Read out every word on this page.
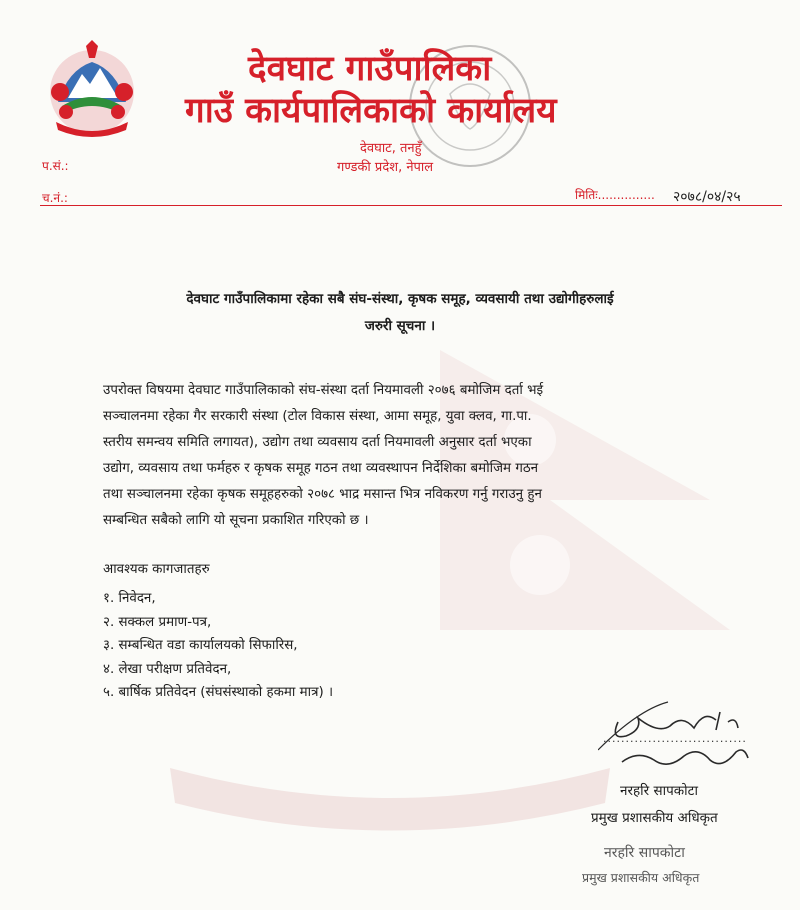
देवघाट गाउँपालिका
गाउँ कार्यपालिकाको कार्यालय
देवघाट, तनहुँ
गण्डकी प्रदेश, नेपाल
प.सं.:
च.नं.:	मितिः............... २०७८/०४/२५
देवघाट गाउँपालिकामा रहेका सबै संघ-संस्था, कृषक समूह, व्यवसायी तथा उद्योगीहरुलाई
जरुरी सूचना ।

उपरोक्त विषयमा देवघाट गाउँपालिकाको संघ-संस्था दर्ता नियमावली २०७६ बमोजिम दर्ता भई
सञ्चालनमा रहेका गैर सरकारी संस्था (टोल विकास संस्था, आमा समूह, युवा क्लव, गा.पा.
स्तरीय समन्वय समिति लगायत), उद्योग तथा व्यवसाय दर्ता नियमावली अनुसार दर्ता भएका
उद्योग, व्यवसाय तथा फर्महरु र कृषक समूह गठन तथा व्यवस्थापन निर्देशिका बमोजिम गठन
तथा सञ्चालनमा रहेका कृषक समूहहरुको २०७८ भाद्र मसान्त भित्र नविकरण गर्नु गराउनु हुन
सम्बन्धित सबैको लागि यो सूचना प्रकाशित गरिएको छ ।

आवश्यक कागजातहरु
१. निवेदन,
२. सक्कल प्रमाण-पत्र,
३. सम्बन्धित वडा कार्यालयको सिफारिस,
४. लेखा परीक्षण प्रतिवेदन,
५. बार्षिक प्रतिवेदन (संघसंस्थाको हकमा मात्र) ।
................................
नरहरि सापकोटा
प्रमुख प्रशासकीय अधिकृत
नरहरि सापकोटा
प्रमुख प्रशासकीय अधिकृत
